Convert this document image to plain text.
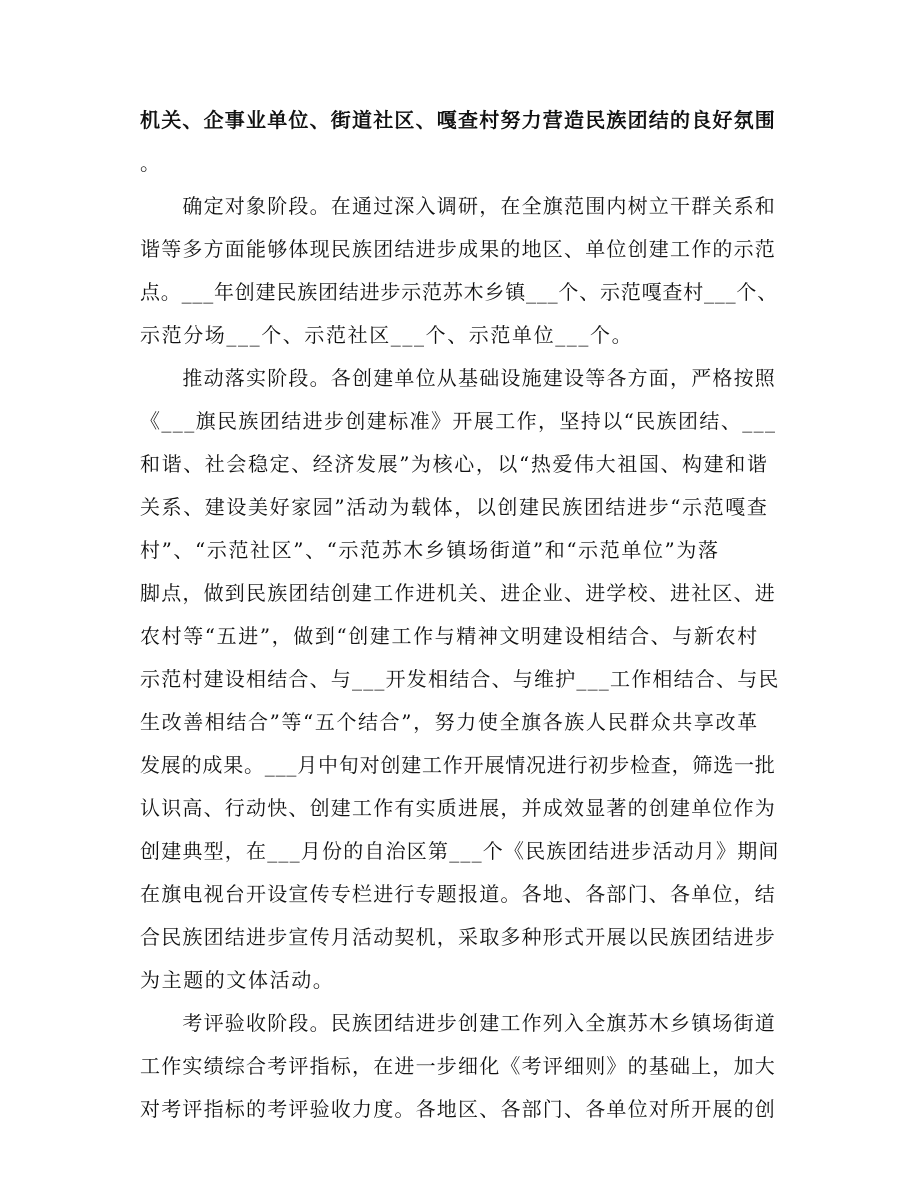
机关、企事业单位、街道社区、嘎查村努力营造民族团结的良好氛围
。
　　确定对象阶段。在通过深入调研，在全旗范围内树立干群关系和
谐等多方面能够体现民族团结进步成果的地区、单位创建工作的示范
点。___年创建民族团结进步示范苏木乡镇___个、示范嘎查村___个、
示范分场___个、示范社区___个、示范单位___个。
　　推动落实阶段。各创建单位从基础设施建设等各方面，严格按照
《___旗民族团结进步创建标准》开展工作，坚持以“民族团结、___
和谐、社会稳定、经济发展”为核心，以“热爱伟大祖国、构建和谐
关系、建设美好家园”活动为载体，以创建民族团结进步“示范嘎查
村”、“示范社区”、“示范苏木乡镇场街道”和“示范单位”为落
脚点，做到民族团结创建工作进机关、进企业、进学校、进社区、进
农村等“五进”，做到“创建工作与精神文明建设相结合、与新农村
示范村建设相结合、与___开发相结合、与维护___工作相结合、与民
生改善相结合”等“五个结合”，努力使全旗各族人民群众共享改革
发展的成果。___月中旬对创建工作开展情况进行初步检查，筛选一批
认识高、行动快、创建工作有实质进展，并成效显著的创建单位作为
创建典型，在___月份的自治区第___个《民族团结进步活动月》期间
在旗电视台开设宣传专栏进行专题报道。各地、各部门、各单位，结
合民族团结进步宣传月活动契机，采取多种形式开展以民族团结进步
为主题的文体活动。
　　考评验收阶段。民族团结进步创建工作列入全旗苏木乡镇场街道
工作实绩综合考评指标，在进一步细化《考评细则》的基础上，加大
对考评指标的考评验收力度。各地区、各部门、各单位对所开展的创
